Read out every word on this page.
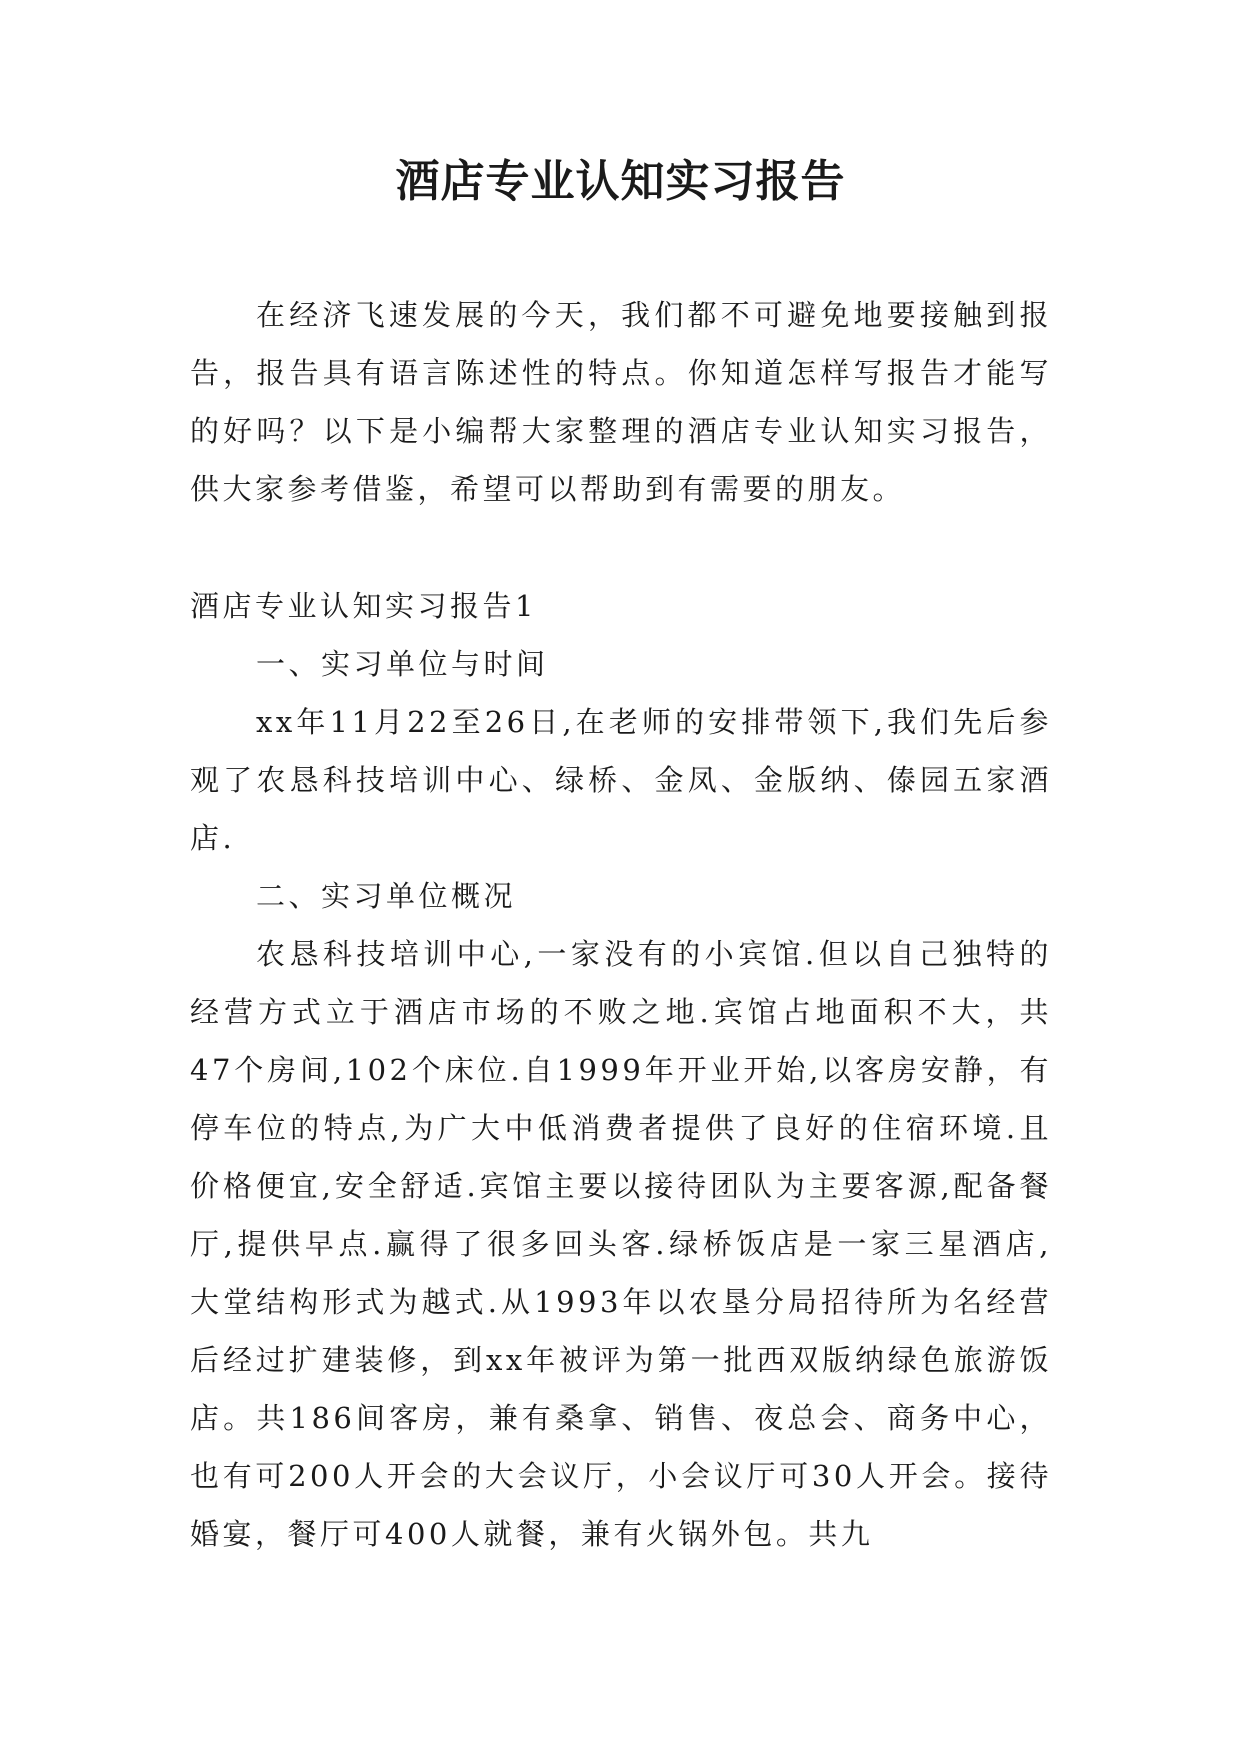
酒店专业认知实习报告

在经济飞速发展的今天，我们都不可避免地要接触到报告，报告具有语言陈述性的特点。你知道怎样写报告才能写的好吗？以下是小编帮大家整理的酒店专业认知实习报告，供大家参考借鉴，希望可以帮助到有需要的朋友。

酒店专业认知实习报告1

一、实习单位与时间

xx年11月22至26日,在老师的安排带领下,我们先后参观了农恳科技培训中心、绿桥、金凤、金版纳、傣园五家酒店.

二、实习单位概况

农恳科技培训中心,一家没有的小宾馆.但以自己独特的经营方式立于酒店市场的不败之地.宾馆占地面积不大，共47个房间,102个床位.自1999年开业开始,以客房安静，有停车位的特点,为广大中低消费者提供了良好的住宿环境.且价格便宜,安全舒适.宾馆主要以接待团队为主要客源,配备餐厅,提供早点.赢得了很多回头客.绿桥饭店是一家三星酒店,大堂结构形式为越式.从1993年以农垦分局招待所为名经营后经过扩建装修，到xx年被评为第一批西双版纳绿色旅游饭店。共186间客房，兼有桑拿、销售、夜总会、商务中心，也有可200人开会的大会议厅，小会议厅可30人开会。接待婚宴，餐厅可400人就餐，兼有火锅外包。共九
